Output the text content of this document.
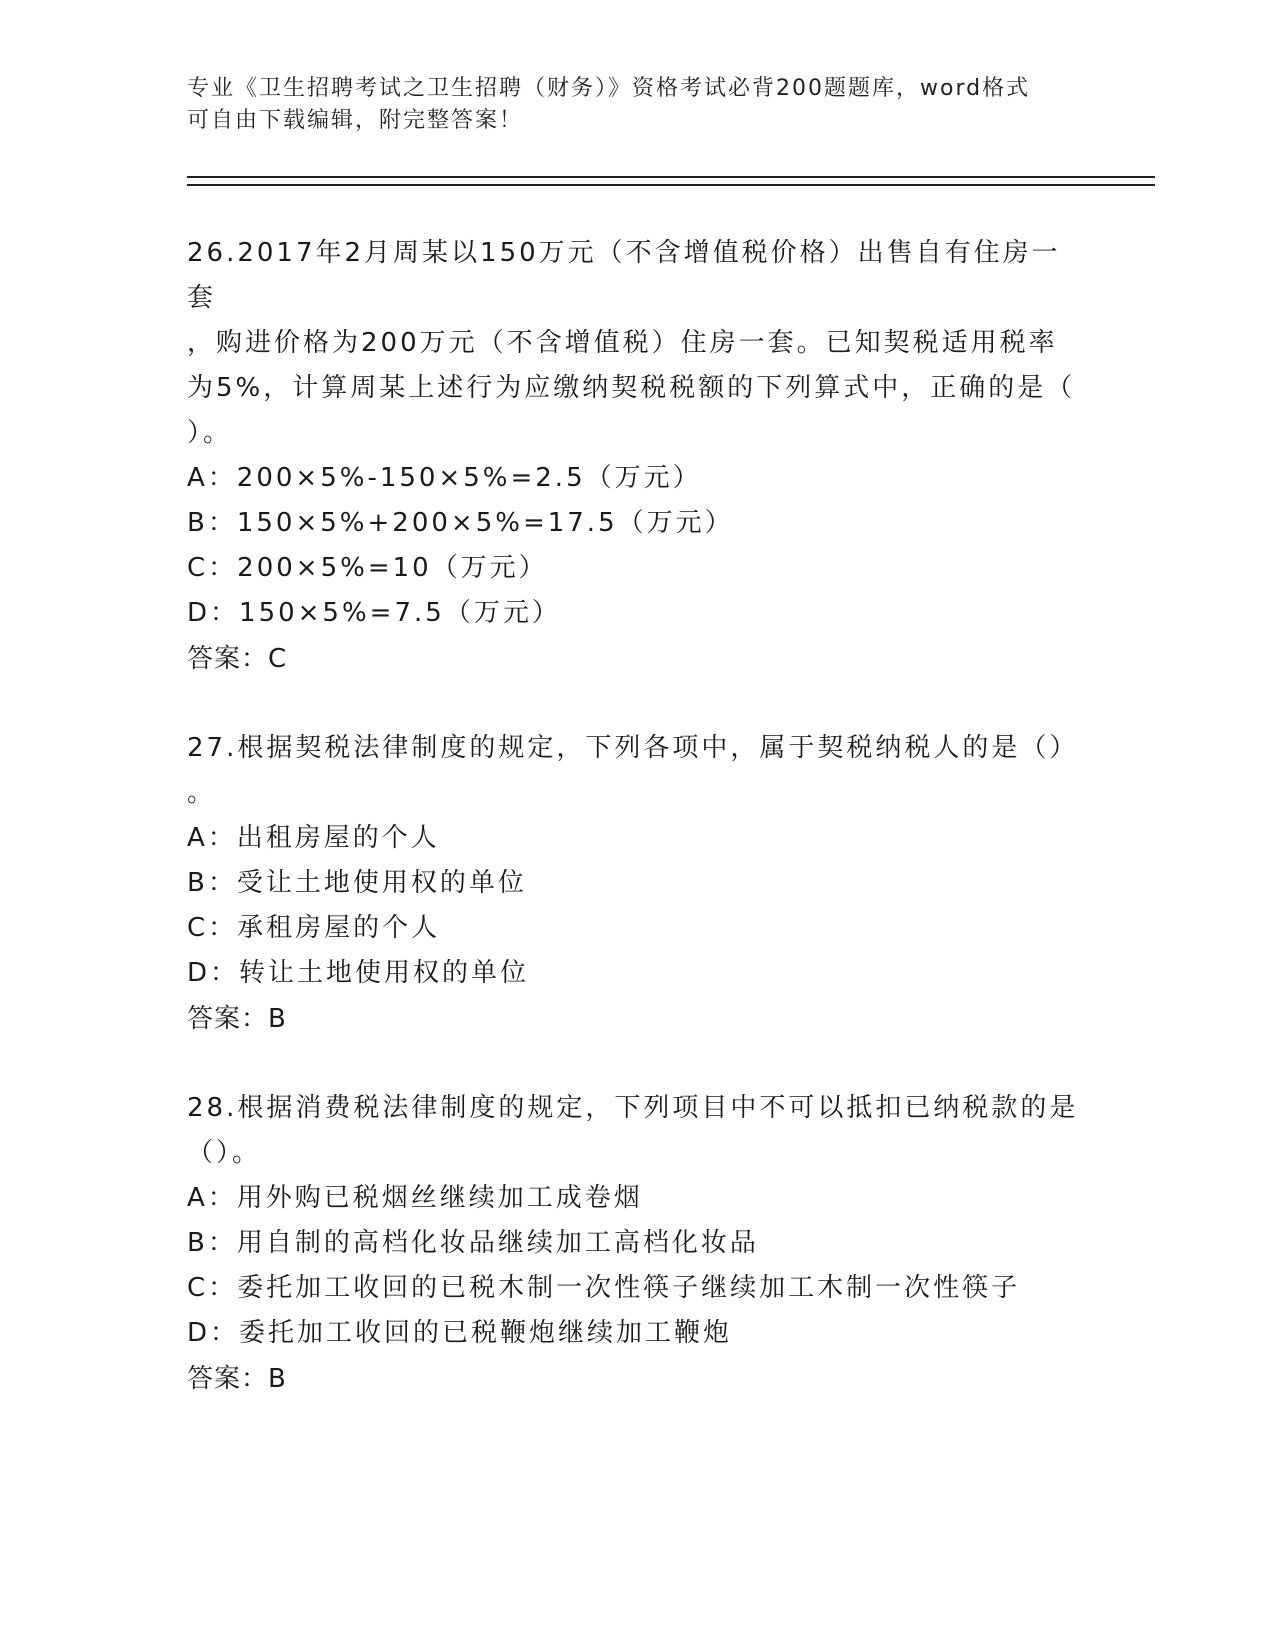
专业《卫生招聘考试之卫生招聘（财务）》资格考试必背200题题库，word格式
可自由下载编辑，附完整答案！

26.2017年2月周某以150万元（不含增值税价格）出售自有住房一套
，购进价格为200万元（不含增值税）住房一套。已知契税适用税率
为5%，计算周某上述行为应缴纳契税税额的下列算式中，正确的是（
）。

A：200×5%-150×5%=2.5（万元）

B：150×5%+200×5%=17.5（万元）

C：200×5%=10（万元）

D：150×5%=7.5（万元）

答案：C

27.根据契税法律制度的规定，下列各项中，属于契税纳税人的是（）
。

A：出租房屋的个人

B：受让土地使用权的单位

C：承租房屋的个人

D：转让土地使用权的单位

答案：B

28.根据消费税法律制度的规定，下列项目中不可以抵扣已纳税款的是
（）。

A：用外购已税烟丝继续加工成卷烟

B：用自制的高档化妆品继续加工高档化妆品

C：委托加工收回的已税木制一次性筷子继续加工木制一次性筷子

D：委托加工收回的已税鞭炮继续加工鞭炮

答案：B
